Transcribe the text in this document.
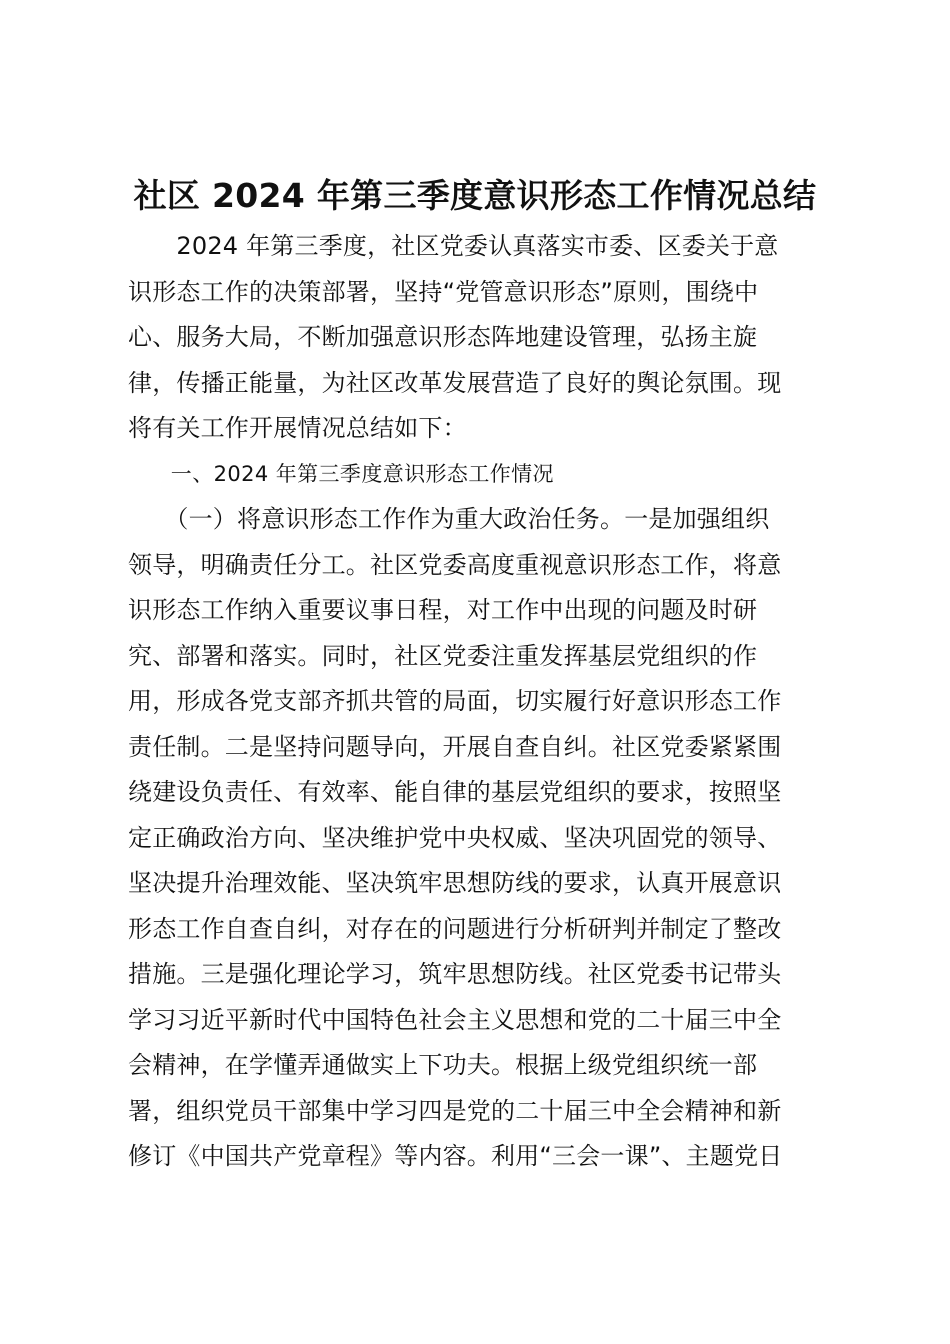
社区 2024 年第三季度意识形态工作情况总结
　　2024 年第三季度，社区党委认真落实市委、区委关于意
识形态工作的决策部署，坚持“党管意识形态”原则，围绕中
心、服务大局，不断加强意识形态阵地建设管理，弘扬主旋
律，传播正能量，为社区改革发展营造了良好的舆论氛围。现
将有关工作开展情况总结如下：
　　一、2024 年第三季度意识形态工作情况
　　（一）将意识形态工作作为重大政治任务。一是加强组织
领导，明确责任分工。社区党委高度重视意识形态工作，将意
识形态工作纳入重要议事日程，对工作中出现的问题及时研
究、部署和落实。同时，社区党委注重发挥基层党组织的作
用，形成各党支部齐抓共管的局面，切实履行好意识形态工作
责任制。二是坚持问题导向，开展自查自纠。社区党委紧紧围
绕建设负责任、有效率、能自律的基层党组织的要求，按照坚
定正确政治方向、坚决维护党中央权威、坚决巩固党的领导、
坚决提升治理效能、坚决筑牢思想防线的要求，认真开展意识
形态工作自查自纠，对存在的问题进行分析研判并制定了整改
措施。三是强化理论学习，筑牢思想防线。社区党委书记带头
学习习近平新时代中国特色社会主义思想和党的二十届三中全
会精神，在学懂弄通做实上下功夫。根据上级党组织统一部
署，组织党员干部集中学习四是党的二十届三中全会精神和新
修订《中国共产党章程》等内容。利用“三会一课”、主题党日
